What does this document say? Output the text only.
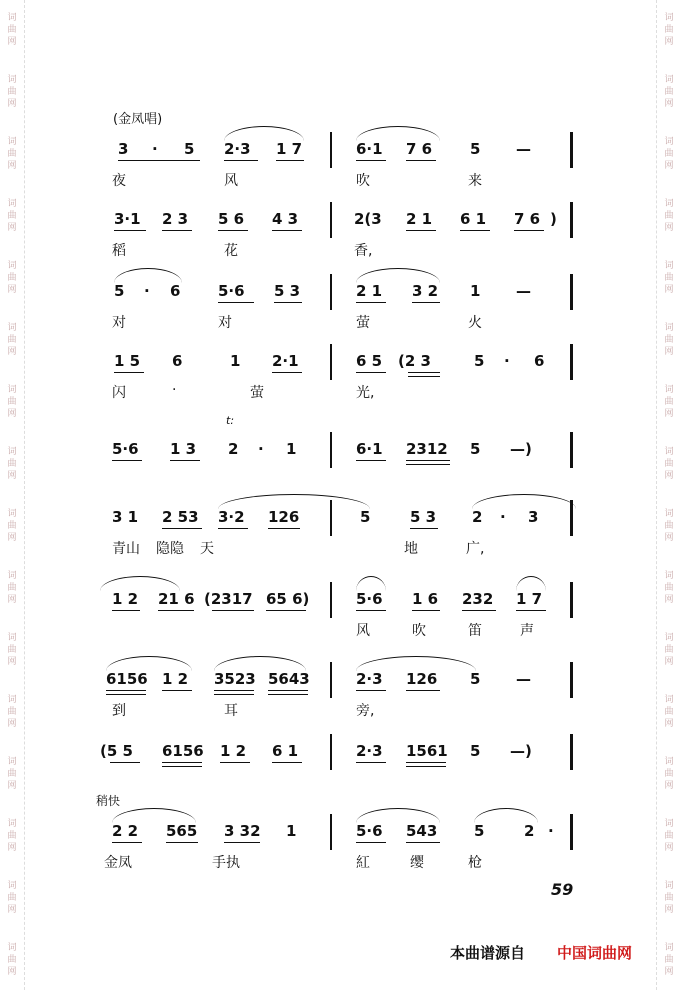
词
曲
网
词
曲
网
词
曲
网
词
曲
网
词
曲
网
词
曲
网
词
曲
网
词
曲
网
词
曲
网
词
曲
网
词
曲
网
词
曲
网
词
曲
网
词
曲
网
词
曲
网
词
曲
网
词
曲
网
词
曲
网
词
曲
网
词
曲
网
词
曲
网
词
曲
网
词
曲
网
词
曲
网
词
曲
网
词
曲
网
词
曲
网
词
曲
网
词
曲
网
词
曲
网
词
曲
网
词
曲
网
(金凤唱)
稍快
t:
3 · 5 2·3 1 7	6·1 7 6	5 —
夜	风	吹	来
3·1 2 3 5 6 4 3	2(3 2 1 6 1 7 6 )
稻	花	香,
5 · 6	5·6 5 3	2 1 3 2 1 —
对	对	萤	火
1 5 6	1 2·1	6 5 (2 3	5 · 6
闪	·	萤	光,
5·6 1 3 2 · 1	6·1 2312 5 —)
3 1 2 53 3·2 126	5	5 3 2 · 3
青山 隐隐 天	地	广,
1 2 21 6 (2317 65 6)	5·6 1 6 232 1 7
风	吹	笛	声
6156 1 2 3523 5643	2·3 126 5 —
到	耳	旁,
(5 5 6156 1 2 6 1	2·3 1561 5 —)
2 2 565 3 32 1	5·6 543 5	2 ·
金凤	手执	紅	缨	枪
59
本曲谱源自 中国词曲网
